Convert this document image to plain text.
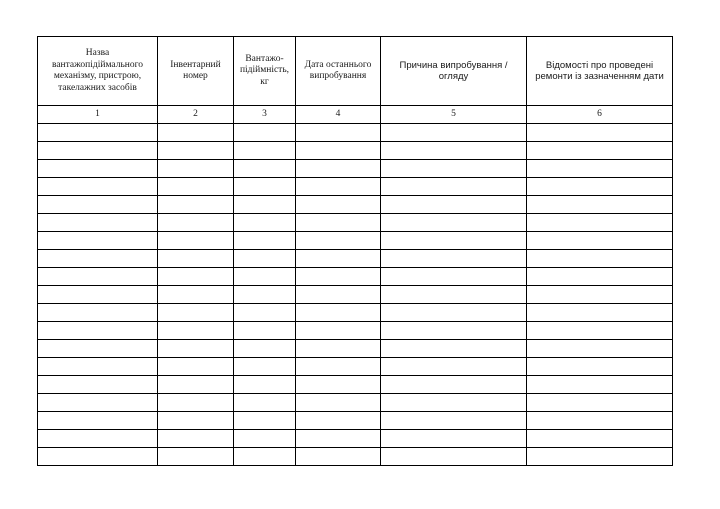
Назва вантажопідіймального механізму, пристрою, такелажних засобів	Інвентарний номер	Вантажо-підіймність, кг	Дата останнього випробування	Причина випробування / огляду	Відомості про проведені ремонти із зазначенням дати
1	2	3	4	5	6
